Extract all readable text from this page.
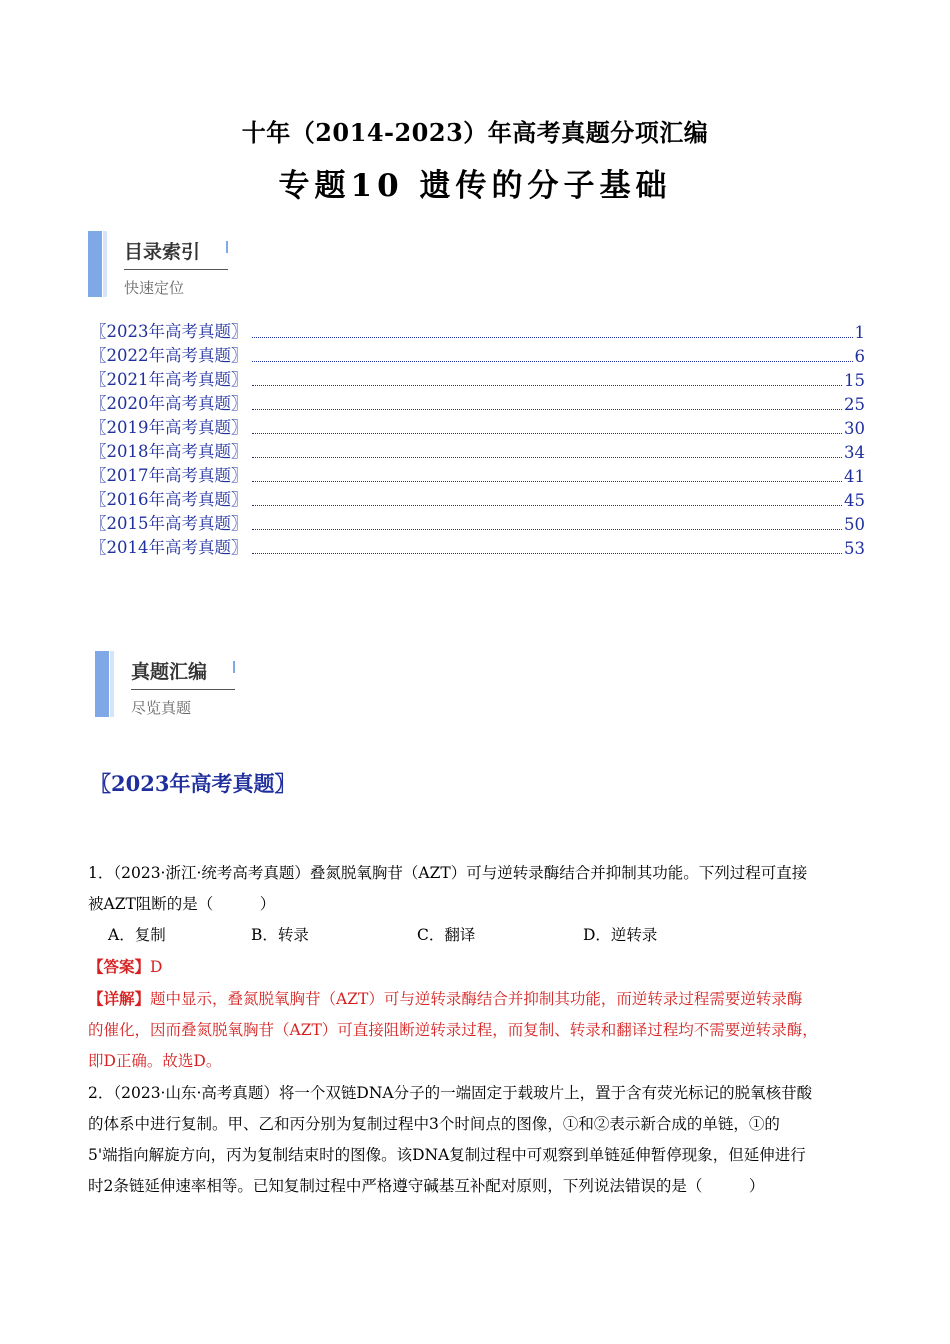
十年（2014-2023）年高考真题分项汇编
专题10 遗传的分子基础
目录索引
快速定位
〖2023年高考真题〗	1
〖2022年高考真题〗	6
〖2021年高考真题〗	15
〖2020年高考真题〗	25
〖2019年高考真题〗	30
〖2018年高考真题〗	34
〖2017年高考真题〗	41
〖2016年高考真题〗	45
〖2015年高考真题〗	50
〖2014年高考真题〗	53
真题汇编
尽览真题
〖2023年高考真题〗

1．（2023·浙江·统考高考真题）叠氮脱氧胸苷（AZT）可与逆转录酶结合并抑制其功能。下列过程可直接

被AZT阻断的是（　　　）

A．复制	B．转录	C．翻译	D．逆转录

【答案】D

【详解】题中显示，叠氮脱氧胸苷（AZT）可与逆转录酶结合并抑制其功能，而逆转录过程需要逆转录酶

的催化，因而叠氮脱氧胸苷（AZT）可直接阻断逆转录过程，而复制、转录和翻译过程均不需要逆转录酶，

即D正确。故选D。

2．（2023·山东·高考真题）将一个双链DNA分子的一端固定于载玻片上，置于含有荧光标记的脱氧核苷酸

的体系中进行复制。甲、乙和丙分别为复制过程中3个时间点的图像，①和②表示新合成的单链，①的

5'端指向解旋方向，丙为复制结束时的图像。该DNA复制过程中可观察到单链延伸暂停现象，但延伸进行

时2条链延伸速率相等。已知复制过程中严格遵守碱基互补配对原则，下列说法错误的是（　　　）
